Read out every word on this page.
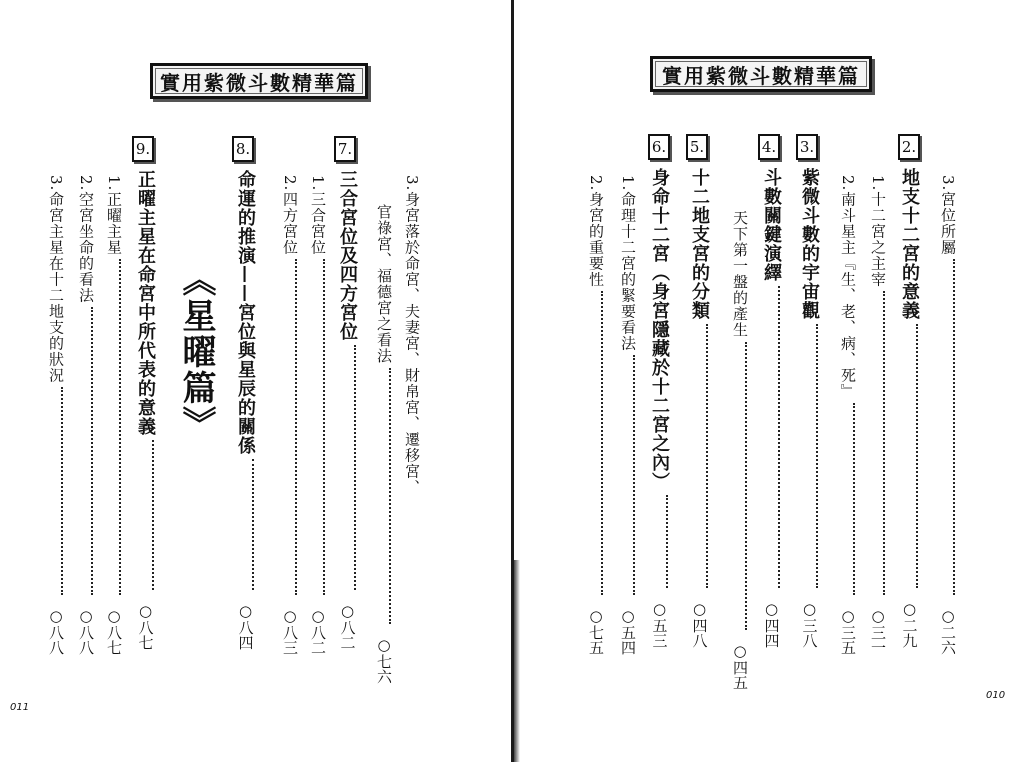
實用紫微斗數精華篇
3.身宮落於命宮、夫妻宮、財帛宮、遷移宮、
官祿宮、福德宮之看法
○七六
7.
三合宮位及四方宮位
○八二
1.三合宮位
○八二
2.四方宮位
○八三
8.
命運的推演——宮位與星辰的關係
○八四
《星曜篇》
9.
正曜主星在命宮中所代表的意義
○八七
1.正曜主星
○八七
2.空宮坐命的看法
○八八
3.命宮主星在十二地支的狀況
○八八
011
實用紫微斗數精華篇
3.宮位所屬
○二六
2.
地支十二宮的意義
○二九
1.十二宮之主宰
○三一
2.南斗星主『生、老、病、死』
○三五
3.
紫微斗數的宇宙觀
○三八
4.
斗數關鍵演繹
○四四
天下第一盤的產生
○四五
5.
十二地支宮的分類
○四八
6.
身命十二宮（身宮隱藏於十二宮之內）
○五三
1.命理十二宮的緊要看法
○五四
2.身宮的重要性
○七五
010
